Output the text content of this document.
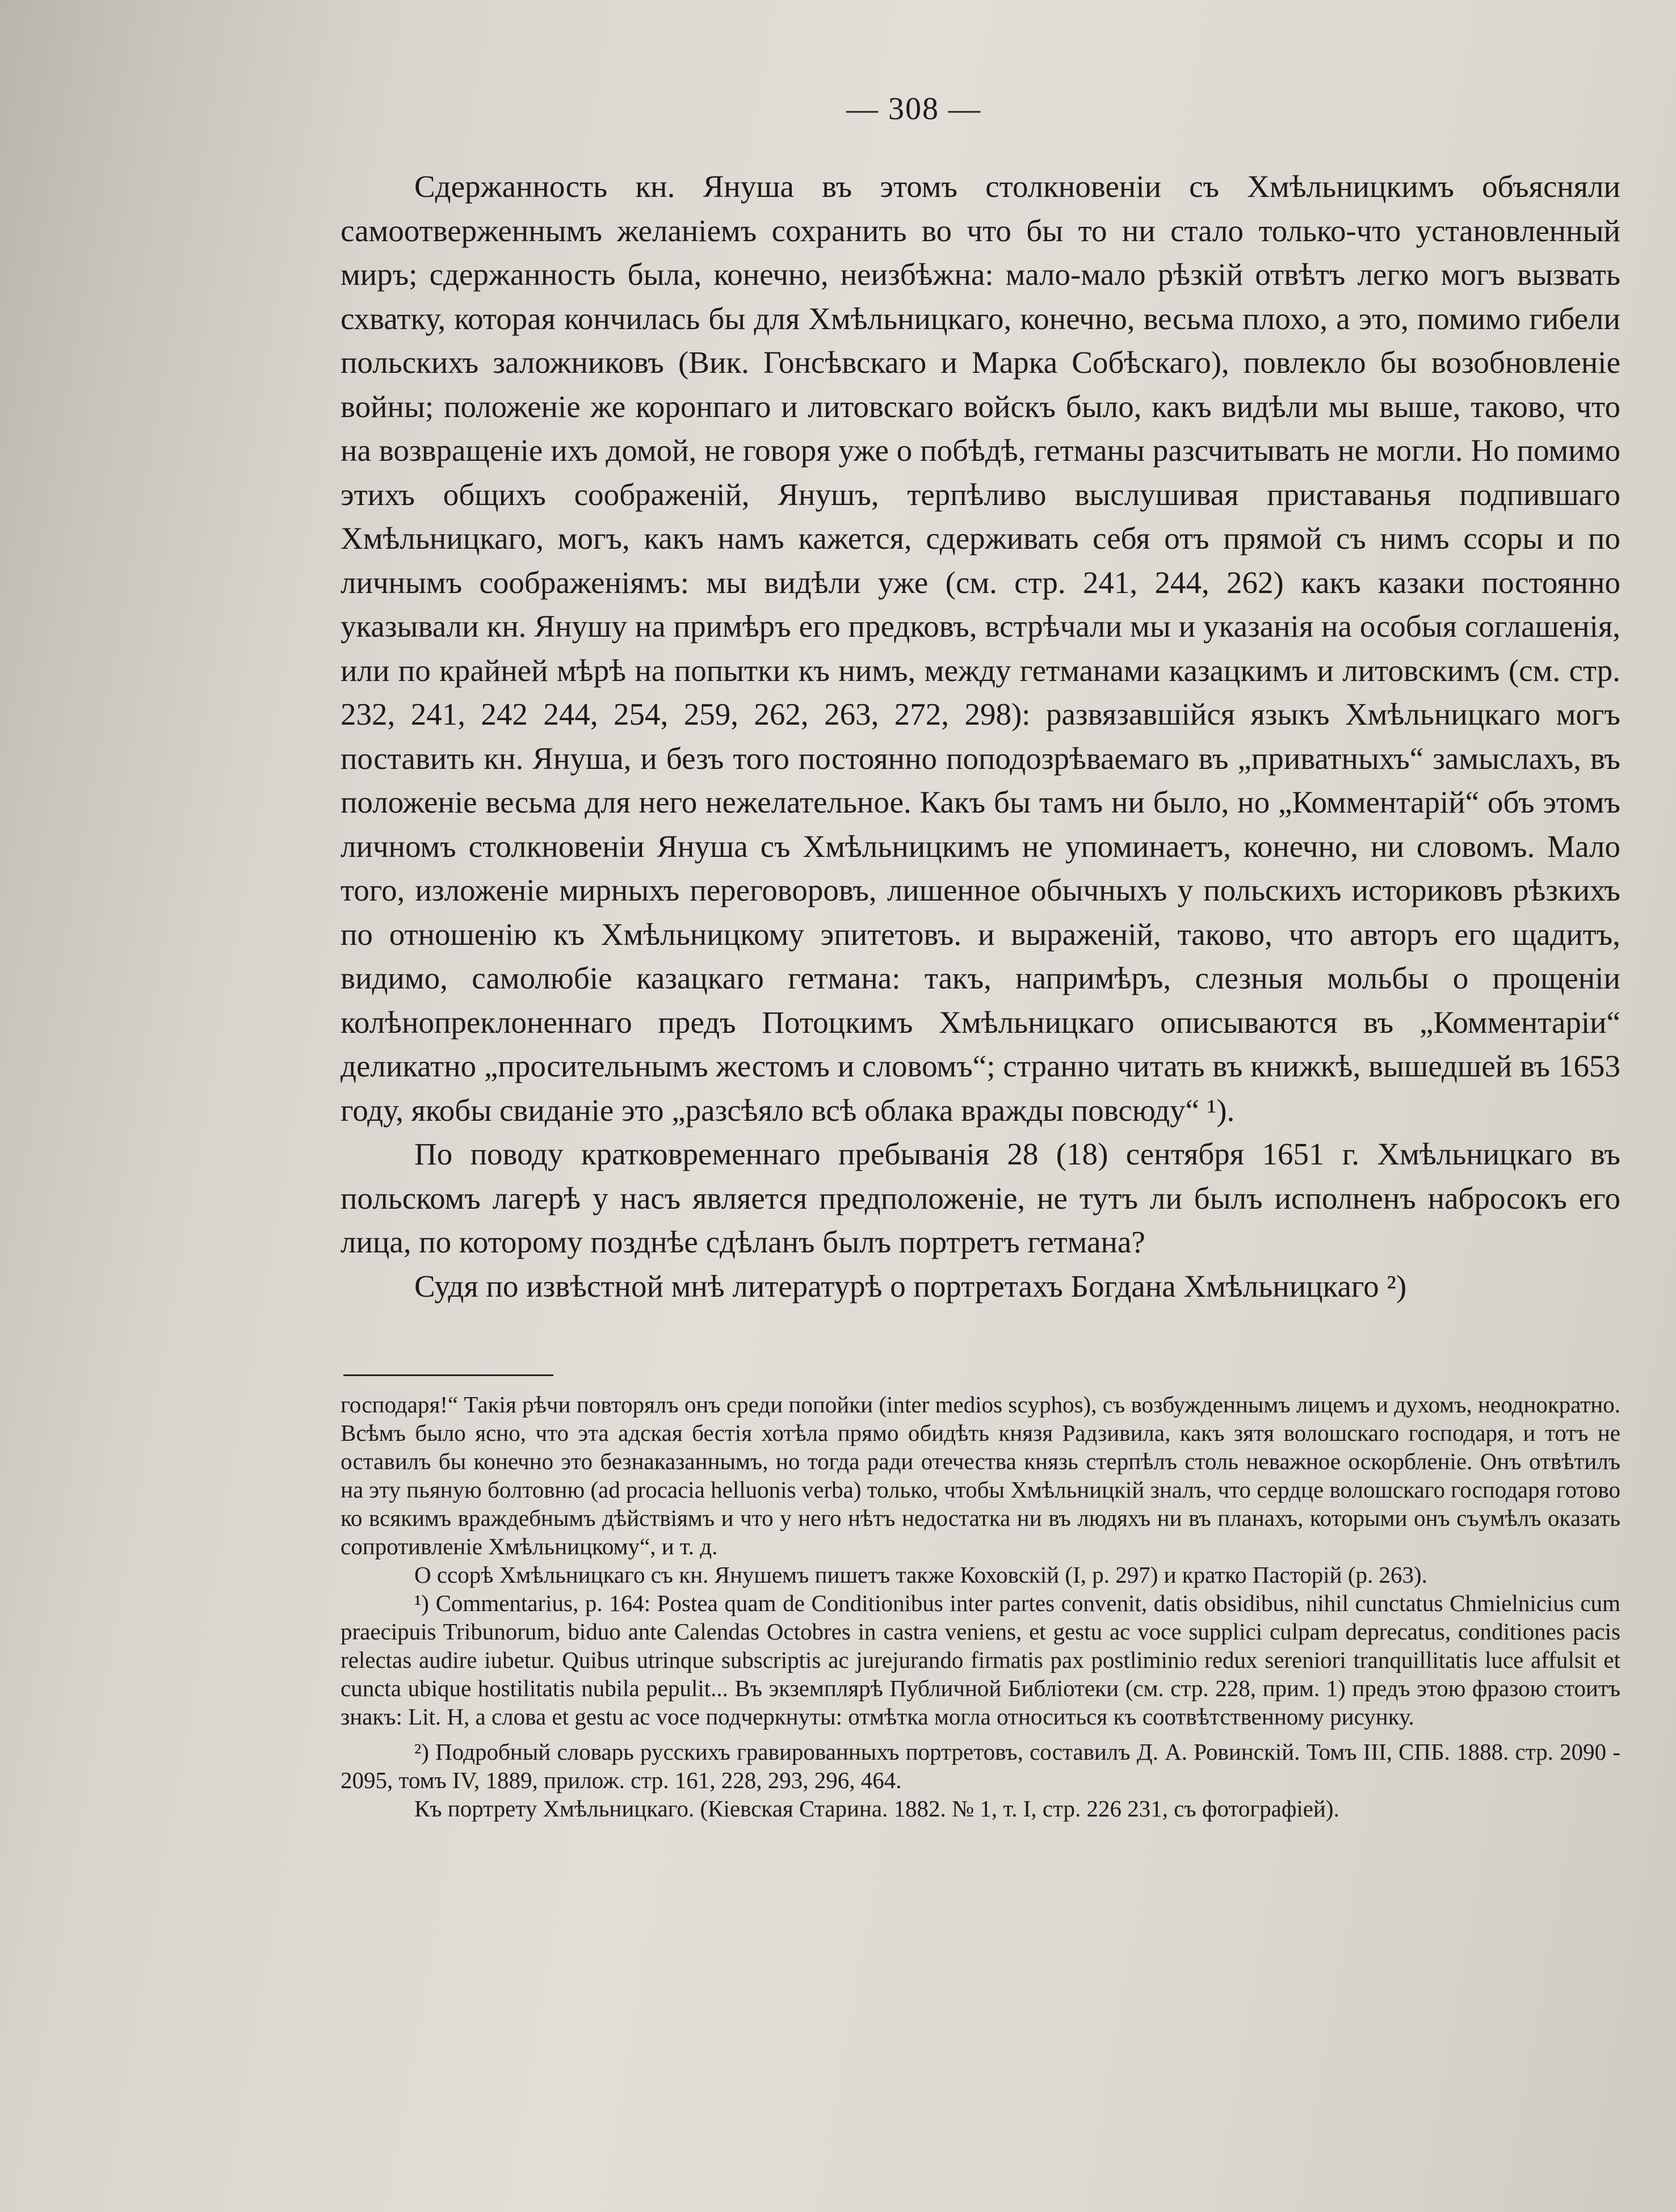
— 308 —

Сдержанность кн. Януша въ этомъ столкновенiи съ Хмѣльницкимъ объясняли самоотверженнымъ желанiемъ сохранить во что бы то ни стало только-что установленный миръ; сдержанность была, конечно, неизбѣжна: мало-мало рѣзкiй отвѣтъ легко могъ вызвать схватку, которая кончилась бы для Хмѣльницкаго, конечно, весьма плохо, а это, помимо гибели польскихъ заложниковъ (Вик. Гонсѣвскаго и Марка Собѣскаго), повлекло бы возобновленiе войны; положенiе же коронпаго и литовскаго войскъ было, какъ видѣли мы выше, таково, что на возвращенiе ихъ домой, не говоря уже о побѣдѣ, гетманы разсчитывать не могли. Но помимо этихъ общихъ соображенiй, Янушъ, терпѣливо выслушивая приставанья подпившаго Хмѣльницкаго, могъ, какъ намъ кажется, сдерживать себя отъ прямой съ нимъ ссоры и по личнымъ соображенiямъ: мы видѣли уже (см. стр. 241, 244, 262) какъ казаки постоянно указывали кн. Янушу на примѣръ его предковъ, встрѣчали мы и указанiя на особыя соглашенiя, или по крайней мѣрѣ на попытки къ нимъ, между гетманами казацкимъ и литовскимъ (см. стр. 232, 241, 242 244, 254, 259, 262, 263, 272, 298): развязавшiйся языкъ Хмѣльницкаго могъ поставить кн. Януша, и безъ того постоянно поподозрѣваемаго въ „приватныхъ“ замыслахъ, въ положенiе весьма для него нежелательное. Какъ бы тамъ ни было, но „Комментарiй“ объ этомъ личномъ столкновенiи Януша съ Хмѣльницкимъ не упоминаетъ, конечно, ни словомъ. Мало того, изложенiе мирныхъ переговоровъ, лишенное обычныхъ у польскихъ историковъ рѣзкихъ по отношенiю къ Хмѣльницкому эпитетовъ. и выраженiй, таково, что авторъ его щадитъ, видимо, самолюбiе казацкаго гетмана: такъ, напримѣръ, слезныя мольбы о прощенiи колѣнопреклоненнаго предъ Потоцкимъ Хмѣльницкаго описываются въ „Комментарiи“ деликатно „просительнымъ жестомъ и словомъ“; странно читать въ книжкѣ, вышедшей въ 1653 году, якобы свиданiе это „разсѣяло всѣ облака вражды повсюду“ ¹).

По поводу кратковременнаго пребыванiя 28 (18) сентября 1651 г. Хмѣльницкаго въ польскомъ лагерѣ у насъ является предположенiе, не тутъ ли былъ исполненъ набросокъ его лица, по которому позднѣе сдѣланъ былъ портретъ гетмана?

Судя по извѣстной мнѣ литературѣ о портретахъ Богдана Хмѣльницкаго ²)

господаря!“ Такiя рѣчи повторялъ онъ среди попойки (inter medios scyphos), съ возбужденнымъ лицемъ и духомъ, неоднократно. Всѣмъ было ясно, что эта адская бестiя хотѣла прямо обидѣть князя Радзивила, какъ зятя волошскаго господаря, и тотъ не оставилъ бы конечно это безнаказаннымъ, но тогда ради отечества князь стерпѣлъ столь неважное оскорбленiе. Онъ отвѣтилъ на эту пьяную болтовню (ad procacia helluonis verba) только, чтобы Хмѣльницкiй зналъ, что сердце волошскаго господаря готово ко всякимъ враждебнымъ дѣйствiямъ и что у него нѣтъ недостатка ни въ людяхъ ни въ планахъ, которыми онъ съумѣлъ оказать сопротивленiе Хмѣльницкому“, и т. д.

О ссорѣ Хмѣльницкаго съ кн. Янушемъ пишетъ также Коховскiй (I, p. 297) и кратко Пасторiй (p. 263).

¹) Commentarius, p. 164: Postea quam de Conditionibus inter partes convenit, datis obsidibus, nihil cunctatus Chmielnicius cum praecipuis Tribunorum, biduo ante Calendas Octobres in castra veniens, et gestu ac voce supplici culpam deprecatus, conditiones pacis relectas audire iubetur. Quibus utrinque subscriptis ac jurejurando firmatis pax postliminio redux sereniori tranquillitatis luce affulsit et cuncta ubique hostilitatis nubila pepulit... Въ экземплярѣ Публичной Библiотеки (см. стр. 228, прим. 1) предъ этою фразою стоитъ знакъ: Lit. H, а слова et gestu ac voce подчеркнуты: отмѣтка могла относиться къ соотвѣтственному рисунку.

²) Подробный словарь русскихъ гравированныхъ портретовъ, составилъ Д. А. Ровинскiй. Томъ III, СПБ. 1888. стр. 2090 - 2095, томъ IV, 1889, прилож. стр. 161, 228, 293, 296, 464.

Къ портрету Хмѣльницкаго. (Кiевская Старина. 1882. № 1, т. I, стр. 226 231, съ фотографiей).
